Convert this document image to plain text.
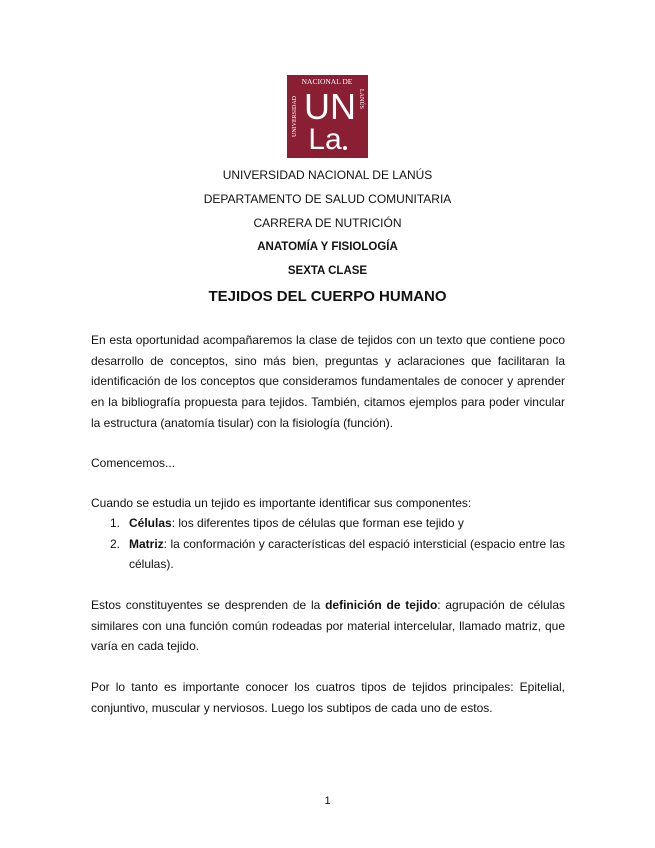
NACIONAL DE
UNIVERSIDAD	LANÚS
UN
La
UNIVERSIDAD NACIONAL DE LANÚS
DEPARTAMENTO DE SALUD COMUNITARIA
CARRERA DE NUTRICIÓN
ANATOMÍA Y FISIOLOGÍA
SEXTA CLASE
TEJIDOS DEL CUERPO HUMANO

En esta oportunidad acompañaremos la clase de tejidos con un texto que contiene poco desarrollo de conceptos, sino más bien, preguntas y aclaraciones que facilitaran la identificación de los conceptos que consideramos fundamentales de conocer y aprender en la bibliografía propuesta para tejidos. También, citamos ejemplos para poder vincular la estructura (anatomía tisular) con la fisiología (función).

Comencemos...

Cuando se estudia un tejido es importante identificar sus componentes:

1. Células: los diferentes tipos de células que forman ese tejido y
2. Matriz: la conformación y características del espació intersticial (espacio entre las células).

Estos constituyentes se desprenden de la definición de tejido: agrupación de células similares con una función común rodeadas por material intercelular, llamado matriz, que varía en cada tejido.

Por lo tanto es importante conocer los cuatros tipos de tejidos principales: Epitelial, conjuntivo, muscular y nerviosos. Luego los subtipos de cada uno de estos.

1
